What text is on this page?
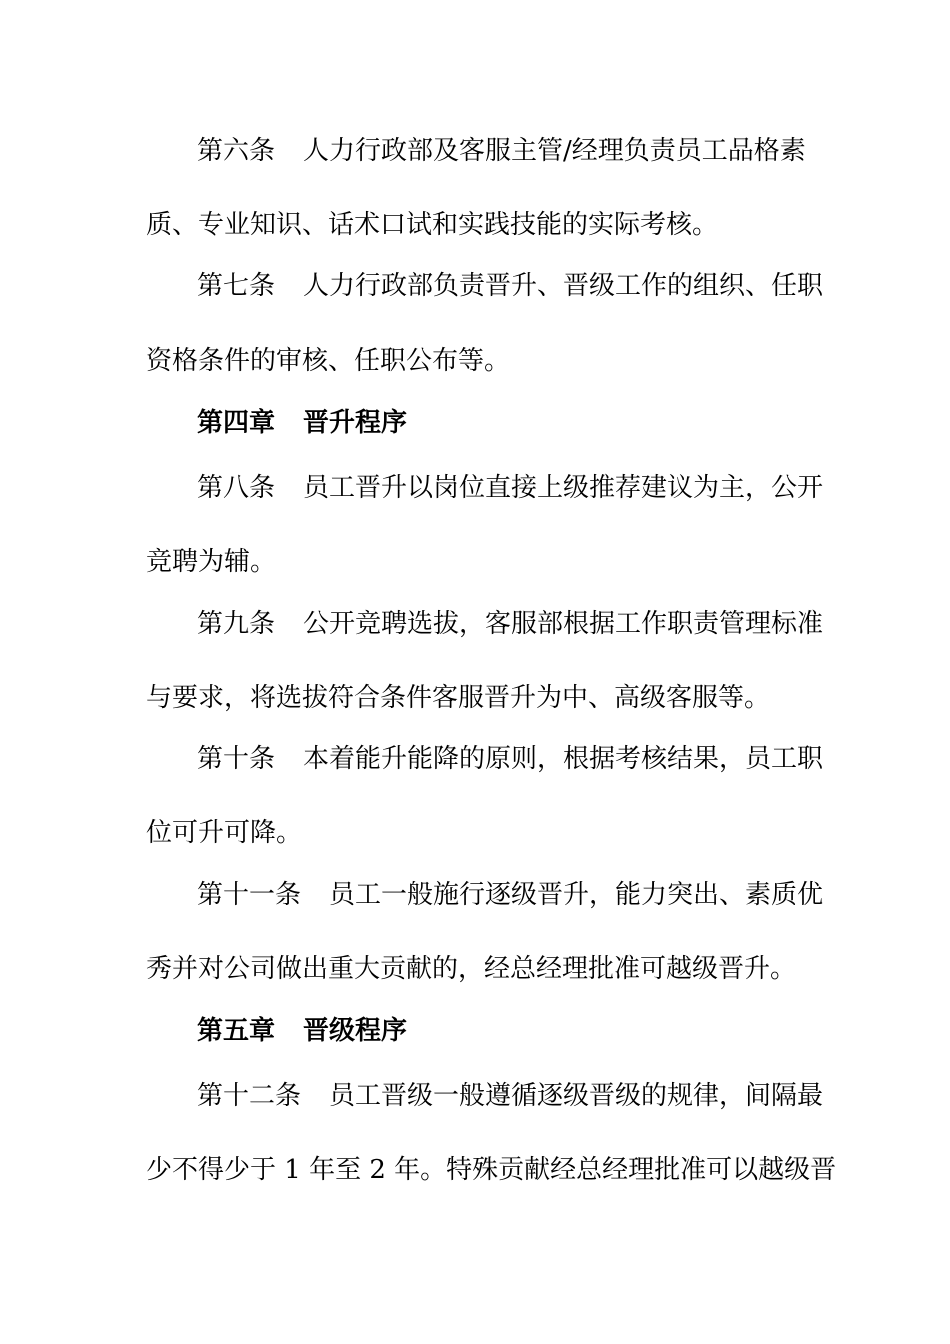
第六条 人力行政部及客服主管/经理负责员工品格素
质、专业知识、话术口试和实践技能的实际考核。
第七条 人力行政部负责晋升、晋级工作的组织、任职
资格条件的审核、任职公布等。
第四章 晋升程序
第八条 员工晋升以岗位直接上级推荐建议为主，公开
竞聘为辅。
第九条 公开竞聘选拔，客服部根据工作职责管理标准
与要求，将选拔符合条件客服晋升为中、高级客服等。
第十条 本着能升能降的原则，根据考核结果，员工职
位可升可降。
第十一条 员工一般施行逐级晋升，能力突出、素质优
秀并对公司做出重大贡献的，经总经理批准可越级晋升。
第五章 晋级程序
第十二条 员工晋级一般遵循逐级晋级的规律，间隔最
少不得少于 1 年至 2 年。特殊贡献经总经理批准可以越级晋
